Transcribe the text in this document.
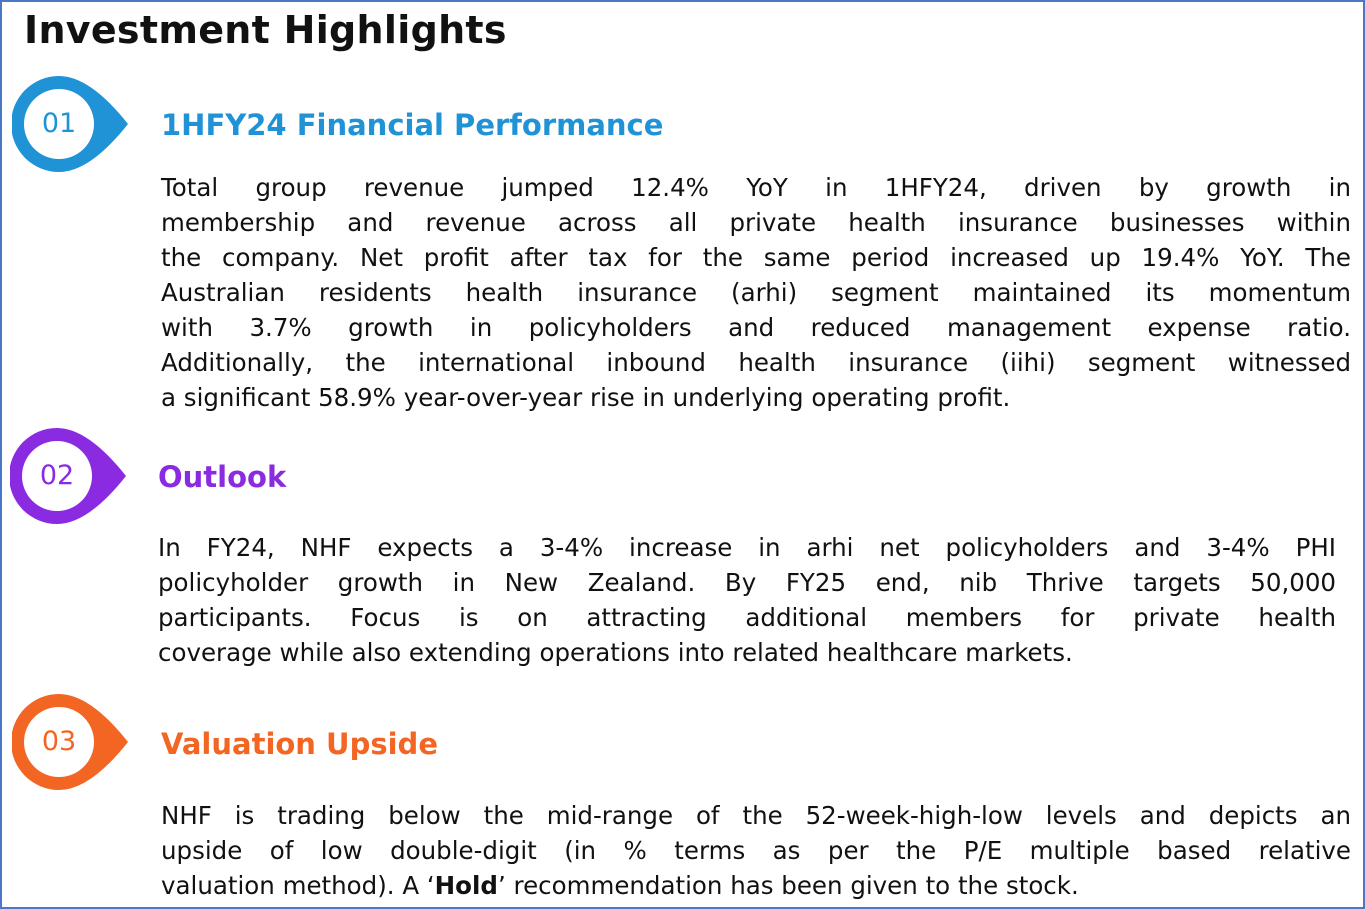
Investment Highlights
01	1HFY24 Financial Performance
Total group revenue jumped 12.4% YoY in 1HFY24, driven by growth in
membership and revenue across all private health insurance businesses within
the company. Net profit after tax for the same period increased up 19.4% YoY. The
Australian residents health insurance (arhi) segment maintained its momentum
with 3.7% growth in policyholders and reduced management expense ratio.
Additionally, the international inbound health insurance (iihi) segment witnessed
a significant 58.9% year-over-year rise in underlying operating profit.
02	Outlook
In FY24, NHF expects a 3-4% increase in arhi net policyholders and 3-4% PHI
policyholder growth in New Zealand. By FY25 end, nib Thrive targets 50,000
participants. Focus is on attracting additional members for private health
coverage while also extending operations into related healthcare markets.
03	Valuation Upside
NHF is trading below the mid-range of the 52-week-high-low levels and depicts an
upside of low double-digit (in % terms as per the P/E multiple based relative
valuation method). A ‘Hold’ recommendation has been given to the stock.
